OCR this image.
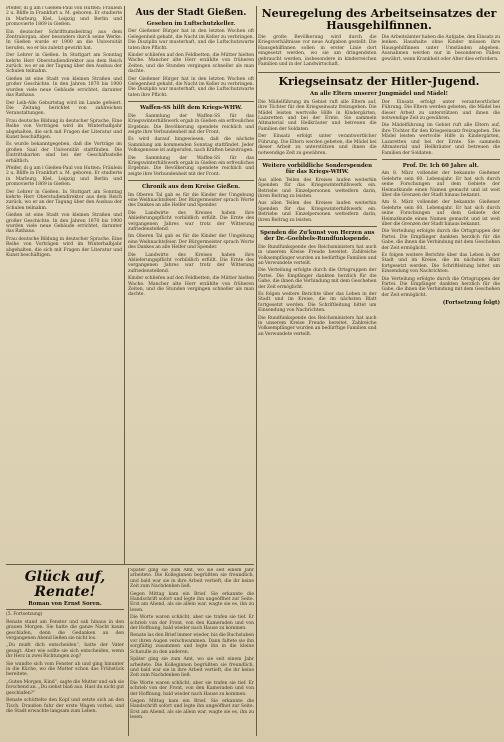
Pfeifer, di g am l Gießen-Paul von Hutten: Fräulein 2 u. Bliffe in Frankfurt a. M. geboren. Er studierte in Marburg, Kiel, Leipzig und Berlin und promovierte 1869 in Gießen.

Ein deutscher Schrifttumsbeitrag aus dem Zentralorgan, aber besonders durch seine Werke. In Gießen wurde er 1900 an die Universität berufen, wo er bis zuletzt gewirkt hat.

Der Lehrer in Gießen. In Stuttgart am Sonntag kehrte Herr Oberstudiendirektor aus dem Reich zurück, wo er an der Tagung über den Ausbau der Schulen teilnahm.

Gießen ist eine Stadt von kleinen Straßen und großer Geschichte. In den Jahren 1870 bis 1900 wurden viele neue Gebäude errichtet, darunter das Rathaus.

Der Leib-Alle Geburtstag wird im Lande gefeiert. Die Zeitung berichtet von zahlreichen Veranstaltungen.

Frau deutsche Bildung in deutscher Sprache. Eine Reihe von Vorträgen wird im Winterhalbjahr abgehalten, die sich mit Fragen der Literatur und Kunst beschäftigen.

Es wurde bekanntgegeben, daß die Vorträge im großen Saal der Universität stattfinden. Die Eintrittskarten sind bei der Geschäftsstelle erhältlich.

Pfeifer, di g am l Gießen-Paul von Hutten: Fräulein 2 u. Bliffe in Frankfurt a. M. geboren. Er studierte in Marburg, Kiel, Leipzig und Berlin und promovierte 1869 in Gießen.

Der Lehrer in Gießen. In Stuttgart am Sonntag kehrte Herr Oberstudiendirektor aus dem Reich zurück, wo er an der Tagung über den Ausbau der Schulen teilnahm.

Gießen ist eine Stadt von kleinen Straßen und großer Geschichte. In den Jahren 1870 bis 1900 wurden viele neue Gebäude errichtet, darunter das Rathaus.

Frau deutsche Bildung in deutscher Sprache. Eine Reihe von Vorträgen wird im Winterhalbjahr abgehalten, die sich mit Fragen der Literatur und Kunst beschäftigen.

Aus der Stadt Gießen.
Gesehen im Luftschutzkeller.

Der Gießener Bürger hat in den letzten Wochen oft Gelegenheit gehabt, die Nacht im Keller zu verbringen. Die Disziplin war musterhaft, und die Luftschutzwarte taten ihre Pflicht.

Kinder schliefen auf den Feldbetten, die Mütter hielten Wache. Mancher alte Herr erzählte von früheren Zeiten, und die Stunden vergingen schneller als man dachte.

Der Gießener Bürger hat in den letzten Wochen oft Gelegenheit gehabt, die Nacht im Keller zu verbringen. Die Disziplin war musterhaft, und die Luftschutzwarte taten ihre Pflicht.

Waffen-SS hilft dem Kriegs-WHW.

Die Sammlung der Waffen-SS für das Kriegswinterhilfswerk ergab in Gießen ein erfreuliches Ergebnis. Die Bevölkerung spendete reichlich und zeigte ihre Verbundenheit mit der Front.

Es wird darauf hingewiesen, daß die nächste Sammlung am kommenden Sonntag stattfindet. Jeder Volksgenosse ist aufgerufen, nach Kräften beizutragen.

Die Sammlung der Waffen-SS für das Kriegswinterhilfswerk ergab in Gießen ein erfreuliches Ergebnis. Die Bevölkerung spendete reichlich und zeigte ihre Verbundenheit mit der Front.

Chronik aus dem Kreise Gießen.

Im Oberen Tal gab es für die Kinder der Umgebung eine Weihnachtsfeier. Der Bürgermeister sprach Worte des Dankes an alle Helfer und Spender.

Die Landwirte des Kreises haben ihre Ablieferungspflicht vorbildlich erfüllt. Die Ernte des vergangenen Jahres war trotz der Witterung zufriedenstellend.

Im Oberen Tal gab es für die Kinder der Umgebung eine Weihnachtsfeier. Der Bürgermeister sprach Worte des Dankes an alle Helfer und Spender.

Die Landwirte des Kreises haben ihre Ablieferungspflicht vorbildlich erfüllt. Die Ernte des vergangenen Jahres war trotz der Witterung zufriedenstellend.

Kinder schliefen auf den Feldbetten, die Mütter hielten Wache. Mancher alte Herr erzählte von früheren Zeiten, und die Stunden vergingen schneller als man dachte.

Neuregelung des Arbeitseinsatzes der Hausgehilfinnen.

Die große Bevölkerung wird durch die Kriegsverhältnisse vor neue Aufgaben gestellt. Die Hausgehilfinnen sollen in erster Linie dort eingesetzt werden, wo sie am dringendsten gebraucht werden, insbesondere in kinderreichen Familien und in der Landwirtschaft.

Die Arbeitsämter haben die Aufgabe, den Einsatz zu lenken. Haushalte ohne Kinder müssen ihre Hausgehilfinnen unter Umständen abgeben. Ausnahmen werden nur in besonderen Fällen gewährt, wenn Krankheit oder Alter dies erfordern.

Kriegseinsatz der Hitler-Jugend.
An alle Eltern unserer Jungmädel und Mädel!

Die Mädelführung im Gebiet ruft alle Eltern auf, ihre Töchter für den Kriegseinsatz freizugeben. Die Mädel leisten wertvolle Hilfe in Kindergärten, Lazaretten und bei der Ernte. Sie sammeln Altmaterial und Heilkräuter und betreuen die Familien der Soldaten.

Der Einsatz erfolgt unter verantwortlicher Führung. Die Eltern werden gebeten, die Mädel bei dieser Arbeit zu unterstützen und ihnen die notwendige Zeit zu gewähren.

Weitere vorbildliche Sonderspenden für das Kriegs-WHW.

Aus allen Teilen des Kreises laufen weiterhin Spenden für das Kriegswinterhilfswerk ein. Betriebe und Einzelpersonen wetteifern darin, ihren Beitrag zu leisten.

Aus allen Teilen des Kreises laufen weiterhin Spenden für das Kriegswinterhilfswerk ein. Betriebe und Einzelpersonen wetteifern darin, ihren Beitrag zu leisten.

Spenden die Zu'kunst von Herzen aus der Dr.-Goebbels-Rundfunkspende.

Die Rundfunkspende des Reichsministers hat auch in unserem Kreise Freude bereitet. Zahlreiche Volksempfänger wurden an bedürftige Familien und an Verwundete verteilt.

Die Verteilung erfolgte durch die Ortsgruppen der Partei. Die Empfänger dankten herzlich für die Gabe, die ihnen die Verbindung mit dem Geschehen der Zeit ermöglicht.

Es folgen weitere Berichte über das Leben in der Stadt und im Kreise, die im nächsten Blatt fortgesetzt werden. Die Schriftleitung bittet um Einsendung von Nachrichten.

Die Rundfunkspende des Reichsministers hat auch in unserem Kreise Freude bereitet. Zahlreiche Volksempfänger wurden an bedürftige Familien und an Verwundete verteilt.

Der Einsatz erfolgt unter verantwortlicher Führung. Die Eltern werden gebeten, die Mädel bei dieser Arbeit zu unterstützen und ihnen die notwendige Zeit zu gewähren.

Die Mädelführung im Gebiet ruft alle Eltern auf, ihre Töchter für den Kriegseinsatz freizugeben. Die Mädel leisten wertvolle Hilfe in Kindergärten, Lazaretten und bei der Ernte. Sie sammeln Altmaterial und Heilkräuter und betreuen die Familien der Soldaten.

Prof. Dr. Ich 60 Jahre alt.

Am 8. März vollendet der bekannte Gießener Gelehrte sein 60. Lebensjahr. Er hat sich durch seine Forschungen auf dem Gebiete der Heimatkunde einen Namen gemacht und ist weit über die Grenzen der Stadt hinaus bekannt.

Am 8. März vollendet der bekannte Gießener Gelehrte sein 60. Lebensjahr. Er hat sich durch seine Forschungen auf dem Gebiete der Heimatkunde einen Namen gemacht und ist weit über die Grenzen der Stadt hinaus bekannt.

Die Verteilung erfolgte durch die Ortsgruppen der Partei. Die Empfänger dankten herzlich für die Gabe, die ihnen die Verbindung mit dem Geschehen der Zeit ermöglicht.

Es folgen weitere Berichte über das Leben in der Stadt und im Kreise, die im nächsten Blatt fortgesetzt werden. Die Schriftleitung bittet um Einsendung von Nachrichten.

Die Verteilung erfolgte durch die Ortsgruppen der Partei. Die Empfänger dankten herzlich für die Gabe, die ihnen die Verbindung mit dem Geschehen der Zeit ermöglicht.

(Fortsetzung folgt)
Glück auf, Renate!
Roman von Ernst Soren.

(5. Fortsetzung)

Renate stand am Fenster und sah hinaus in den grauen Morgen. Sie hatte die ganze Nacht kaum geschlafen, denn die Gedanken an den vergangenen Abend ließen sie nicht los.

„Du mußt dich entscheiden“, hatte der Vater gesagt. Aber wie sollte sie sich entscheiden, wenn ihr Herz in zwei Richtungen zog?

Sie wandte sich vom Fenster ab und ging hinunter in die Küche, wo die Mutter schon das Frühstück bereitete.

„Guten Morgen, Kind“, sagte die Mutter und sah sie forschend an. „Du siehst blaß aus. Hast du nicht gut geschlafen?“

Renate schüttelte den Kopf und setzte sich an den Tisch. Draußen fuhr der erste Wagen vorbei, und die Stadt erwachte langsam zum Leben.

Später ging sie zum Amt, wo sie seit einem Jahr arbeitete. Die Kolleginnen begrüßten sie freundlich, und bald war sie in ihre Arbeit vertieft, die ihr keine Zeit zum Nachdenken ließ.

Gegen Mittag kam ein Brief. Sie erkannte die Handschrift sofort und legte ihn ungeöffnet zur Seite. Erst am Abend, als sie allein war, wagte sie es, ihn zu lesen.

Die Worte waren schlicht, aber sie trafen sie tief. Er schrieb von der Front, von den Kameraden und von der Hoffnung, bald wieder nach Hause zu kommen.

Renate las den Brief immer wieder, bis die Buchstaben vor ihren Augen verschwammen. Dann faltete sie ihn sorgfältig zusammen und legte ihn in die kleine Schatulle zu den anderen.

Später ging sie zum Amt, wo sie seit einem Jahr arbeitete. Die Kolleginnen begrüßten sie freundlich, und bald war sie in ihre Arbeit vertieft, die ihr keine Zeit zum Nachdenken ließ.

Die Worte waren schlicht, aber sie trafen sie tief. Er schrieb von der Front, von den Kameraden und von der Hoffnung, bald wieder nach Hause zu kommen.

Gegen Mittag kam ein Brief. Sie erkannte die Handschrift sofort und legte ihn ungeöffnet zur Seite. Erst am Abend, als sie allein war, wagte sie es, ihn zu lesen.
